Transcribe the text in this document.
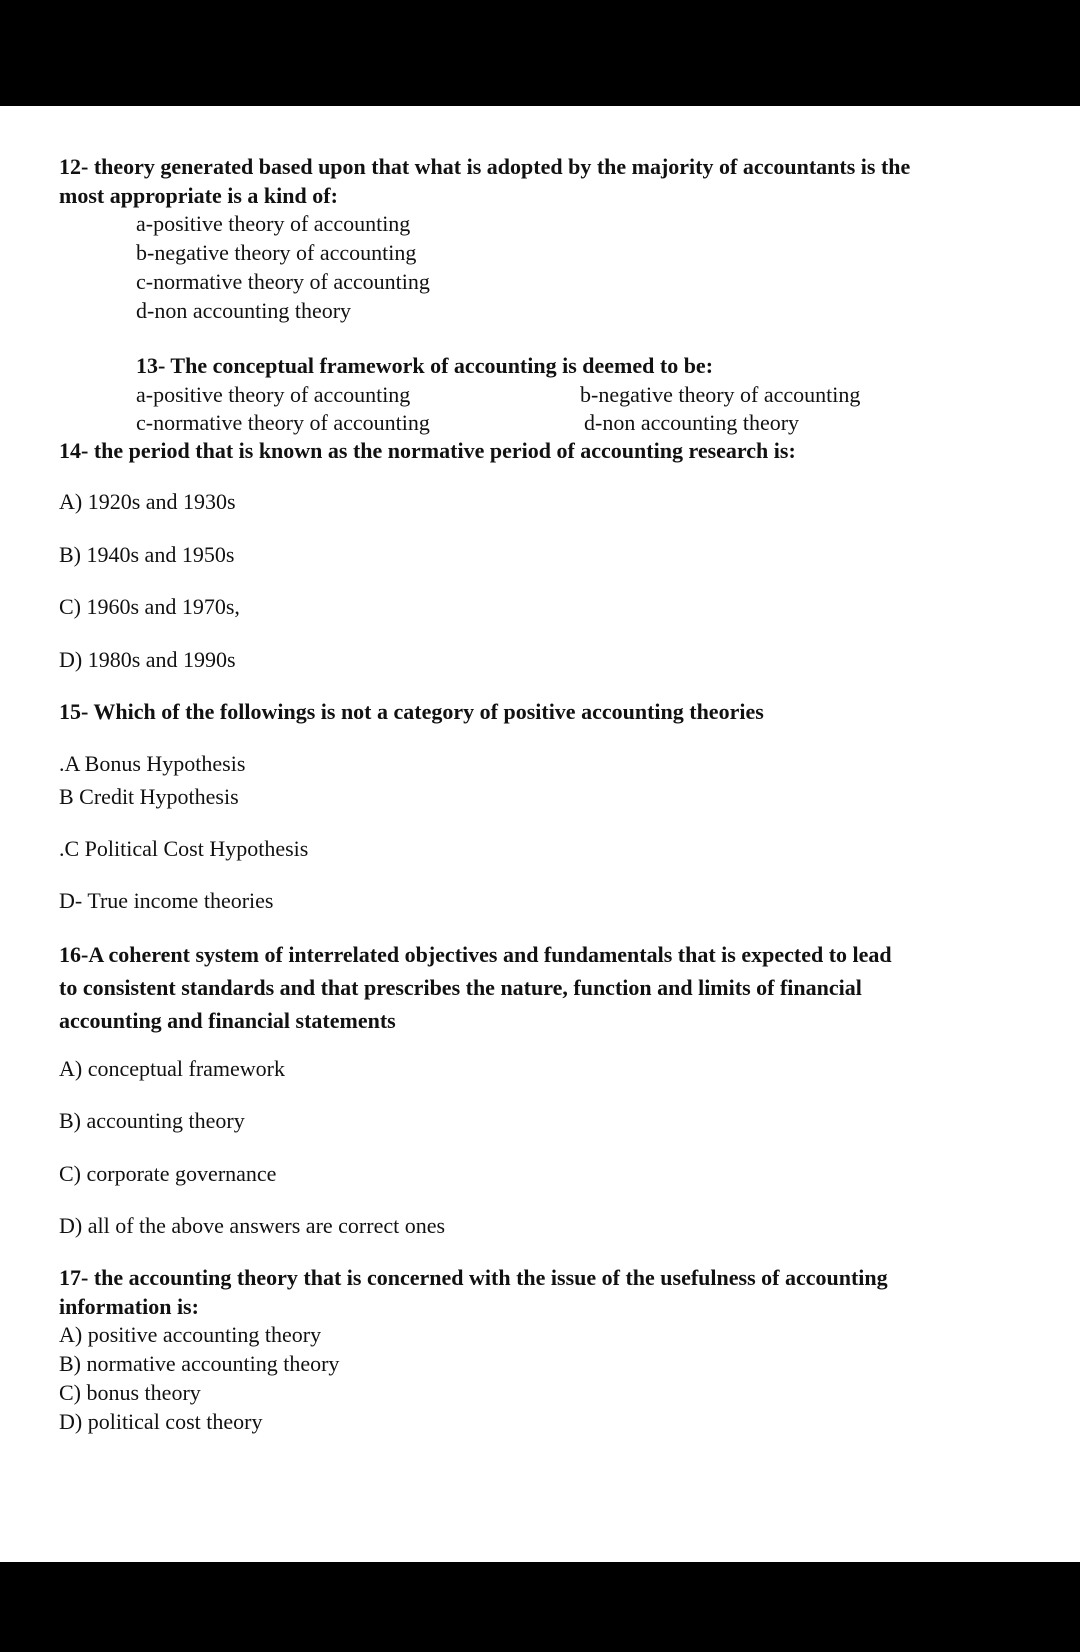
12- theory generated based upon that what is adopted by the majority of accountants is the
most appropriate is a kind of:
a-positive theory of accounting
b-negative theory of accounting
c-normative theory of accounting
d-non accounting theory
13- The conceptual framework of accounting is deemed to be:
a-positive theory of accounting	b-negative theory of accounting
c-normative theory of accounting	d-non accounting theory
14- the period that is known as the normative period of accounting research is:
A) 1920s and 1930s
B) 1940s and 1950s
C) 1960s and 1970s,
D) 1980s and 1990s
15- Which of the followings is not a category of positive accounting theories
.A Bonus Hypothesis
B Credit Hypothesis
.C Political Cost Hypothesis
D- True income theories
16-A coherent system of interrelated objectives and fundamentals that is expected to lead
to consistent standards and that prescribes the nature, function and limits of financial
accounting and financial statements
A) conceptual framework
B) accounting theory
C) corporate governance
D) all of the above answers are correct ones
17- the accounting theory that is concerned with the issue of the usefulness of accounting
information is:
A) positive accounting theory
B) normative accounting theory
C) bonus theory
D) political cost theory
